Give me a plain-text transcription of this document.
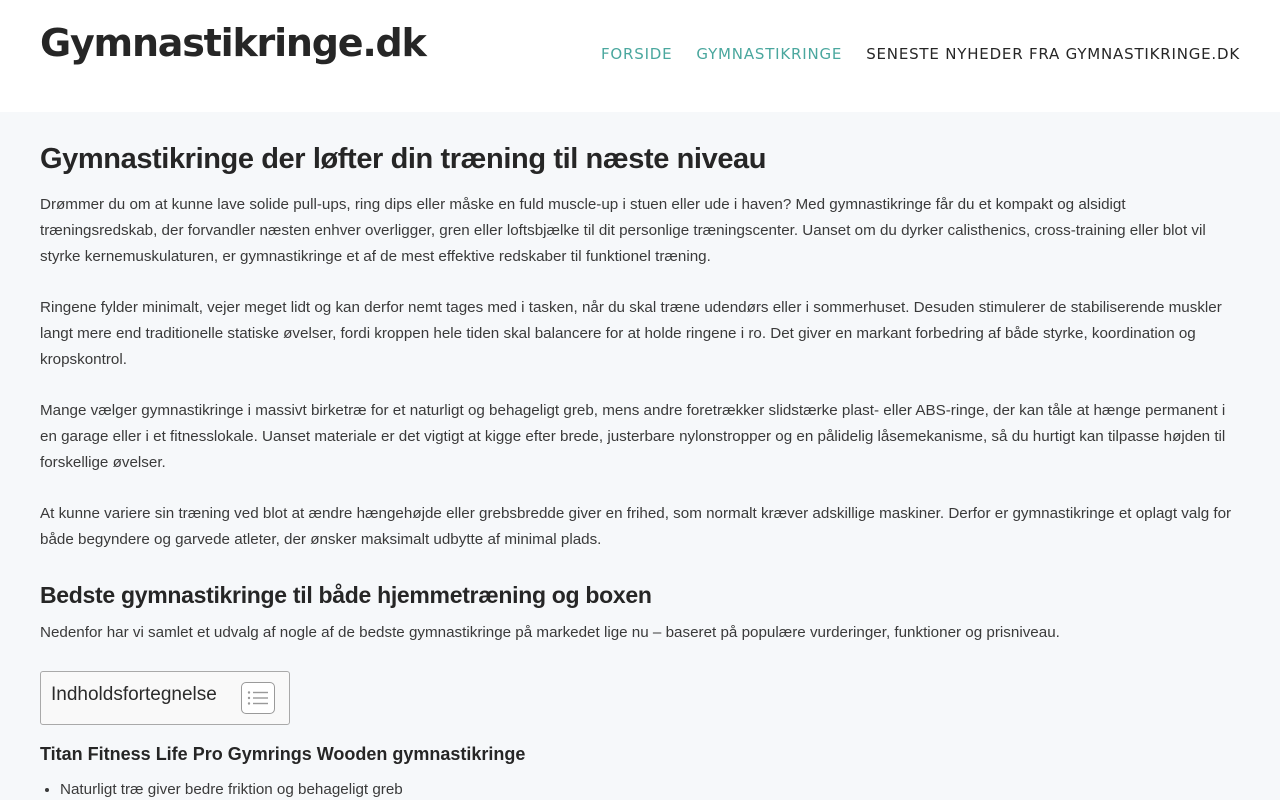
Gymnastikringe.dk	FORSIDE GYMNASTIKRINGE SENESTE NYHEDER FRA GYMNASTIKRINGE.DK
Gymnastikringe der løfter din træning til næste niveau

Drømmer du om at kunne lave solide pull-ups, ring dips eller måske en fuld muscle-up i stuen eller ude i haven? Med gymnastikringe får du et kompakt og alsidigt træningsredskab, der forvandler næsten enhver overligger, gren eller loftsbjælke til dit personlige træningscenter. Uanset om du dyrker calisthenics, cross-training eller blot vil styrke kernemuskulaturen, er gymnastikringe et af de mest effektive redskaber til funktionel træning.

Ringene fylder minimalt, vejer meget lidt og kan derfor nemt tages med i tasken, når du skal træne udendørs eller i sommerhuset. Desuden stimulerer de stabiliserende muskler langt mere end traditionelle statiske øvelser, fordi kroppen hele tiden skal balancere for at holde ringene i ro. Det giver en markant forbedring af både styrke, koordination og kropskontrol.

Mange vælger gymnastikringe i massivt birketræ for et naturligt og behageligt greb, mens andre foretrækker slidstærke plast- eller ABS-ringe, der kan tåle at hænge permanent i en garage eller i et fitnesslokale. Uanset materiale er det vigtigt at kigge efter brede, justerbare nylonstropper og en pålidelig låsemekanisme, så du hurtigt kan tilpasse højden til forskellige øvelser.

At kunne variere sin træning ved blot at ændre hængehøjde eller grebsbredde giver en frihed, som normalt kræver adskillige maskiner. Derfor er gymnastikringe et oplagt valg for både begyndere og garvede atleter, der ønsker maksimalt udbytte af minimal plads.

Bedste gymnastikringe til både hjemmetræning og boxen

Nedenfor har vi samlet et udvalg af nogle af de bedste gymnastikringe på markedet lige nu – baseret på populære vurderinger, funktioner og prisniveau.

Indholdsfortegnelse
Titan Fitness Life Pro Gymrings Wooden gymnastikringe
• Naturligt træ giver bedre friktion og behageligt greb
